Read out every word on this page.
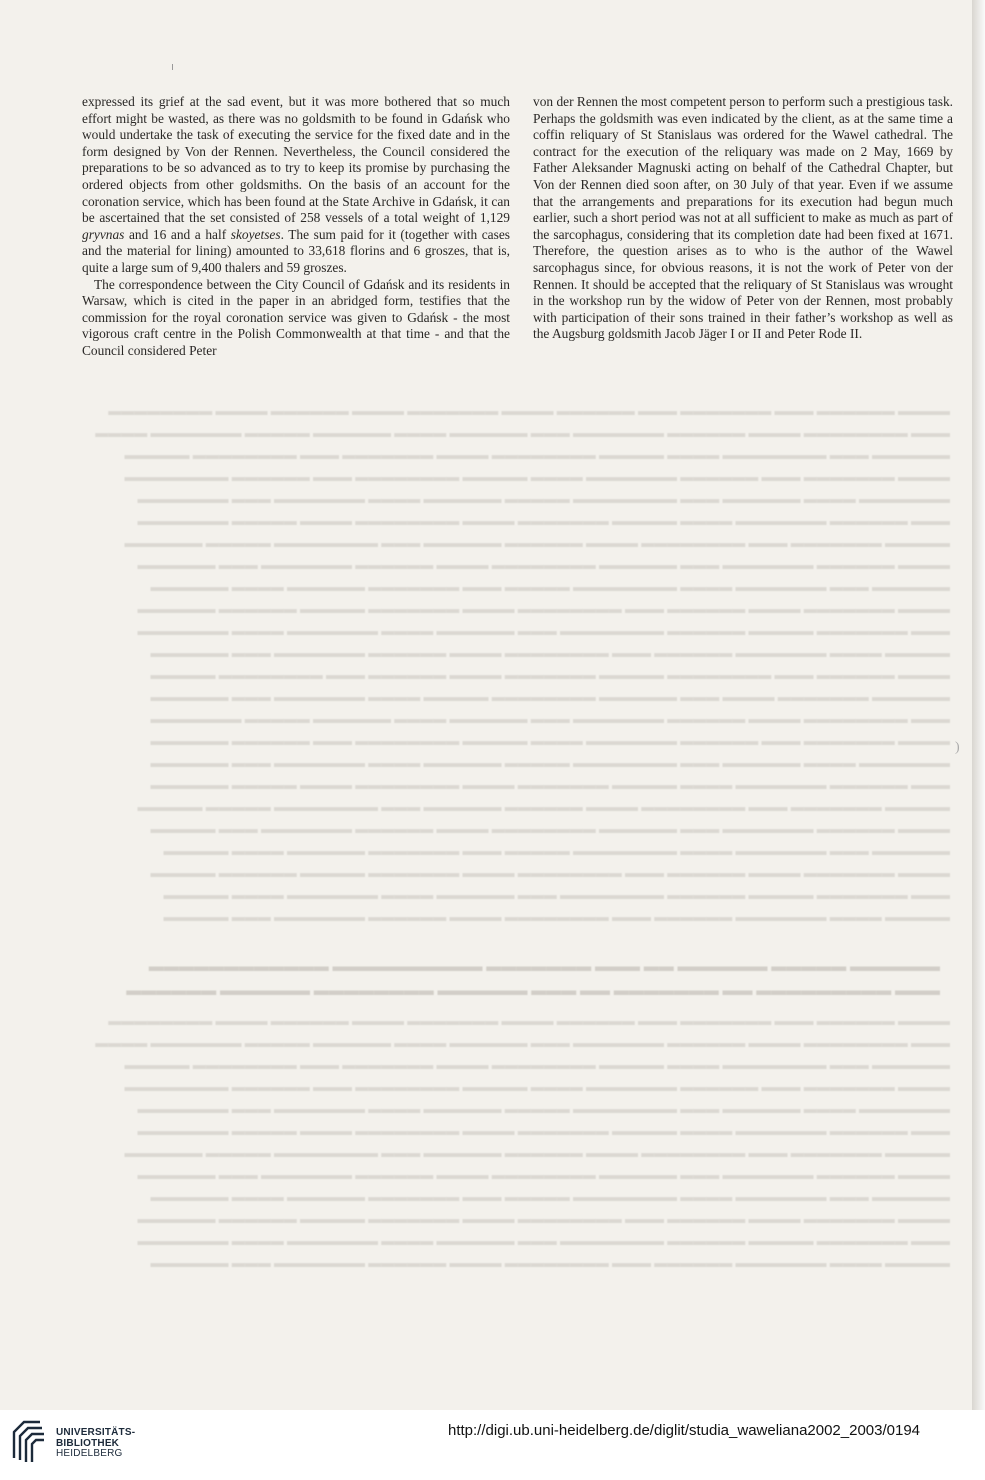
▬▬▬▬ ▬▬▬▬▬▬ ▬▬▬ ▬▬▬▬▬▬▬ ▬▬▬ ▬▬▬▬▬▬ ▬▬▬▬ ▬▬▬▬▬▬▬ ▬▬▬▬ ▬▬▬▬▬▬ ▬▬▬▬ ▬▬▬▬▬▬▬▬
▬▬▬ ▬▬▬▬▬▬▬▬ ▬▬▬▬ ▬▬▬▬▬▬ ▬▬▬▬▬▬▬ ▬▬▬ ▬▬▬▬▬▬ ▬▬▬▬ ▬▬▬▬▬▬ ▬▬▬▬▬ ▬▬▬▬▬▬▬ ▬▬▬▬
▬▬▬▬▬▬ ▬▬▬ ▬▬▬▬▬▬▬▬ ▬▬▬▬ ▬▬▬▬▬ ▬▬▬▬▬▬▬▬ ▬▬▬▬ ▬▬▬▬▬▬▬ ▬▬▬ ▬▬▬▬▬▬▬▬ ▬▬▬▬▬
▬▬▬▬ ▬▬▬▬▬▬▬ ▬▬▬ ▬▬▬▬▬▬ ▬▬▬▬▬▬▬ ▬▬▬▬ ▬▬▬▬▬ ▬▬▬▬▬▬▬▬ ▬▬▬ ▬▬▬▬▬▬ ▬▬▬▬▬▬▬▬
▬▬▬▬▬▬▬ ▬▬▬▬ ▬▬▬▬▬▬ ▬▬▬ ▬▬▬▬▬▬▬▬ ▬▬▬▬▬ ▬▬▬▬▬▬ ▬▬▬▬ ▬▬▬▬▬▬▬ ▬▬▬ ▬▬▬▬▬▬▬
▬▬▬ ▬▬▬▬▬▬ ▬▬▬▬▬▬▬ ▬▬▬▬ ▬▬▬▬▬ ▬▬▬▬▬▬▬ ▬▬▬▬ ▬▬▬▬▬▬▬▬ ▬▬▬▬ ▬▬▬▬▬ ▬▬▬▬▬▬▬
▬▬▬▬▬ ▬▬▬▬▬▬▬ ▬▬▬ ▬▬▬▬▬▬▬▬ ▬▬▬▬ ▬▬▬▬▬▬ ▬▬▬▬▬▬ ▬▬▬ ▬▬▬▬▬▬▬▬ ▬▬▬▬▬ ▬▬▬▬▬▬
▬▬▬▬ ▬▬▬▬▬▬ ▬▬▬▬▬▬▬ ▬▬▬ ▬▬▬▬▬▬ ▬▬▬▬▬▬▬▬ ▬▬▬▬ ▬▬▬▬▬▬ ▬▬▬▬▬▬▬ ▬▬▬ ▬▬▬▬▬▬
▬▬▬▬▬▬ ▬▬▬ ▬▬▬▬▬▬▬ ▬▬▬▬ ▬▬▬▬▬▬▬▬ ▬▬▬▬▬ ▬▬▬ ▬▬▬▬▬▬▬ ▬▬▬▬▬▬ ▬▬▬▬ ▬▬▬▬▬▬
▬▬▬▬ ▬▬▬▬▬▬▬ ▬▬▬▬ ▬▬▬▬▬▬ ▬▬▬ ▬▬▬▬▬▬▬▬ ▬▬▬▬ ▬▬▬▬▬▬▬ ▬▬▬▬▬ ▬▬▬▬▬▬ ▬▬▬▬▬▬
▬▬▬ ▬▬▬▬▬▬▬ ▬▬▬▬▬ ▬▬▬▬▬▬ ▬▬▬▬▬▬▬▬ ▬▬▬ ▬▬▬▬▬▬ ▬▬▬▬ ▬▬▬▬▬▬▬ ▬▬▬▬ ▬▬▬▬▬▬▬
▬▬▬▬▬ ▬▬▬▬ ▬▬▬▬▬▬▬ ▬▬▬▬▬▬ ▬▬▬ ▬▬▬▬▬▬▬▬ ▬▬▬▬ ▬▬▬▬▬▬ ▬▬▬▬▬▬▬ ▬▬▬ ▬▬▬▬▬▬
▬▬▬▬ ▬▬▬▬▬▬ ▬▬▬ ▬▬▬▬▬▬▬▬ ▬▬▬▬▬ ▬▬▬▬▬▬▬ ▬▬▬▬ ▬▬▬▬▬▬ ▬▬▬ ▬▬▬▬▬▬▬▬ ▬▬▬▬▬
▬▬▬▬▬▬ ▬▬▬▬▬▬▬ ▬▬▬▬ ▬▬▬ ▬▬▬▬▬▬ ▬▬▬▬▬▬▬▬ ▬▬▬▬▬ ▬▬▬▬ ▬▬▬▬▬▬▬ ▬▬▬ ▬▬▬▬▬▬
▬▬▬ ▬▬▬▬▬▬▬▬ ▬▬▬▬ ▬▬▬▬▬▬ ▬▬▬▬▬▬▬ ▬▬▬ ▬▬▬▬▬▬ ▬▬▬▬ ▬▬▬▬▬▬ ▬▬▬▬▬ ▬▬▬▬▬▬▬
▬▬▬▬ ▬▬▬▬▬▬▬ ▬▬▬ ▬▬▬▬▬▬ ▬▬▬▬▬▬▬ ▬▬▬▬ ▬▬▬▬▬ ▬▬▬▬▬▬▬▬ ▬▬▬ ▬▬▬▬▬▬ ▬▬▬▬▬▬
▬▬▬▬▬▬▬ ▬▬▬▬ ▬▬▬▬▬▬ ▬▬▬ ▬▬▬▬▬▬▬▬ ▬▬▬▬▬ ▬▬▬▬▬▬ ▬▬▬▬ ▬▬▬▬▬▬▬ ▬▬▬ ▬▬▬▬▬▬
▬▬▬ ▬▬▬▬▬▬ ▬▬▬▬▬▬▬ ▬▬▬▬ ▬▬▬▬▬ ▬▬▬▬▬▬▬ ▬▬▬▬ ▬▬▬▬▬▬▬▬ ▬▬▬▬ ▬▬▬▬▬ ▬▬▬▬▬▬
▬▬▬▬▬ ▬▬▬▬▬▬▬ ▬▬▬ ▬▬▬▬▬▬▬▬ ▬▬▬▬ ▬▬▬▬▬▬ ▬▬▬▬▬▬ ▬▬▬ ▬▬▬▬▬▬▬▬ ▬▬▬▬▬ ▬▬▬▬▬
▬▬▬▬ ▬▬▬▬▬▬ ▬▬▬▬▬▬▬ ▬▬▬ ▬▬▬▬▬▬ ▬▬▬▬▬▬▬▬ ▬▬▬▬ ▬▬▬▬▬▬ ▬▬▬▬▬▬▬ ▬▬▬ ▬▬▬▬▬
▬▬▬▬▬▬ ▬▬▬ ▬▬▬▬▬▬▬ ▬▬▬▬ ▬▬▬▬▬▬▬▬ ▬▬▬▬▬ ▬▬▬ ▬▬▬▬▬▬▬ ▬▬▬▬▬▬ ▬▬▬▬ ▬▬▬▬▬
▬▬▬▬ ▬▬▬▬▬▬▬ ▬▬▬▬ ▬▬▬▬▬▬ ▬▬▬ ▬▬▬▬▬▬▬▬ ▬▬▬▬ ▬▬▬▬▬▬▬ ▬▬▬▬▬ ▬▬▬▬▬▬ ▬▬▬▬▬
▬▬▬ ▬▬▬▬▬▬▬ ▬▬▬▬▬ ▬▬▬▬▬▬ ▬▬▬▬▬▬▬▬ ▬▬▬ ▬▬▬▬▬▬ ▬▬▬▬ ▬▬▬▬▬▬▬ ▬▬▬▬ ▬▬▬▬▬
▬▬▬▬▬ ▬▬▬▬ ▬▬▬▬▬▬▬ ▬▬▬▬▬▬ ▬▬▬ ▬▬▬▬▬▬▬▬ ▬▬▬▬ ▬▬▬▬▬▬ ▬▬▬▬▬▬▬ ▬▬▬ ▬▬▬▬▬
▬▬▬▬▬▬ ▬▬▬▬▬ ▬▬▬▬▬▬ ▬▬ ▬▬▬ ▬▬▬▬▬▬▬ ▬▬▬▬▬▬▬▬▬▬ ▬▬▬▬▬▬▬▬▬▬▬▬
▬▬▬ ▬▬▬▬▬▬▬▬▬ ▬▬ ▬▬▬▬▬▬▬ ▬▬ ▬▬▬ ▬▬▬▬▬▬ ▬▬▬▬▬▬▬▬ ▬▬▬▬▬▬ ▬▬▬▬▬▬
▬▬▬▬ ▬▬▬▬▬▬ ▬▬▬ ▬▬▬▬▬▬▬ ▬▬▬ ▬▬▬▬▬▬ ▬▬▬▬ ▬▬▬▬▬▬▬ ▬▬▬▬ ▬▬▬▬▬▬ ▬▬▬▬ ▬▬▬▬▬▬▬▬
▬▬▬ ▬▬▬▬▬▬▬▬ ▬▬▬▬ ▬▬▬▬▬▬ ▬▬▬▬▬▬▬ ▬▬▬ ▬▬▬▬▬▬ ▬▬▬▬ ▬▬▬▬▬▬ ▬▬▬▬▬ ▬▬▬▬▬▬▬ ▬▬▬▬
▬▬▬▬▬▬ ▬▬▬ ▬▬▬▬▬▬▬▬ ▬▬▬▬ ▬▬▬▬▬ ▬▬▬▬▬▬▬▬ ▬▬▬▬ ▬▬▬▬▬▬▬ ▬▬▬ ▬▬▬▬▬▬▬▬ ▬▬▬▬▬
▬▬▬▬ ▬▬▬▬▬▬▬ ▬▬▬ ▬▬▬▬▬▬ ▬▬▬▬▬▬▬ ▬▬▬▬ ▬▬▬▬▬ ▬▬▬▬▬▬▬▬ ▬▬▬ ▬▬▬▬▬▬ ▬▬▬▬▬▬▬▬
▬▬▬▬▬▬▬ ▬▬▬▬ ▬▬▬▬▬▬ ▬▬▬ ▬▬▬▬▬▬▬▬ ▬▬▬▬▬ ▬▬▬▬▬▬ ▬▬▬▬ ▬▬▬▬▬▬▬ ▬▬▬ ▬▬▬▬▬▬▬
▬▬▬ ▬▬▬▬▬▬ ▬▬▬▬▬▬▬ ▬▬▬▬ ▬▬▬▬▬ ▬▬▬▬▬▬▬ ▬▬▬▬ ▬▬▬▬▬▬▬▬ ▬▬▬▬ ▬▬▬▬▬ ▬▬▬▬▬▬▬
▬▬▬▬▬ ▬▬▬▬▬▬▬ ▬▬▬ ▬▬▬▬▬▬▬▬ ▬▬▬▬ ▬▬▬▬▬▬ ▬▬▬▬▬▬ ▬▬▬ ▬▬▬▬▬▬▬▬ ▬▬▬▬▬ ▬▬▬▬▬▬
▬▬▬▬ ▬▬▬▬▬▬ ▬▬▬▬▬▬▬ ▬▬▬ ▬▬▬▬▬▬ ▬▬▬▬▬▬▬▬ ▬▬▬▬ ▬▬▬▬▬▬ ▬▬▬▬▬▬▬ ▬▬▬ ▬▬▬▬▬▬
▬▬▬▬▬▬ ▬▬▬ ▬▬▬▬▬▬▬ ▬▬▬▬ ▬▬▬▬▬▬▬▬ ▬▬▬▬▬ ▬▬▬ ▬▬▬▬▬▬▬ ▬▬▬▬▬▬ ▬▬▬▬ ▬▬▬▬▬▬
▬▬▬▬ ▬▬▬▬▬▬▬ ▬▬▬▬ ▬▬▬▬▬▬ ▬▬▬ ▬▬▬▬▬▬▬▬ ▬▬▬▬ ▬▬▬▬▬▬▬ ▬▬▬▬▬ ▬▬▬▬▬▬ ▬▬▬▬▬▬
▬▬▬ ▬▬▬▬▬▬▬ ▬▬▬▬▬ ▬▬▬▬▬▬ ▬▬▬▬▬▬▬▬ ▬▬▬ ▬▬▬▬▬▬ ▬▬▬▬ ▬▬▬▬▬▬▬ ▬▬▬▬ ▬▬▬▬▬▬▬
▬▬▬▬▬ ▬▬▬▬ ▬▬▬▬▬▬▬ ▬▬▬▬▬▬ ▬▬▬ ▬▬▬▬▬▬▬▬ ▬▬▬▬ ▬▬▬▬▬▬ ▬▬▬▬▬▬▬ ▬▬▬ ▬▬▬▬▬▬
)

expressed its grief at the sad event, but it was more bothered that so much effort might be wasted, as there was no goldsmith to be found in Gdańsk who would undertake the task of executing the service for the fixed date and in the form designed by Von der Rennen. Nevertheless, the Council considered the preparations to be so advanced as to try to keep its promise by purchasing the ordered objects from other goldsmiths. On the basis of an account for the coronation service, which has been found at the State Archive in Gdańsk, it can be ascertained that the set consisted of 258 vessels of a total weight of 1,129 gryvnas and 16 and a half skoyetses. The sum paid for it (together with cases and the material for lining) amounted to 33,618 florins and 6 groszes, that is, quite a large sum of 9,400 thalers and 59 groszes.

The correspondence between the City Council of Gdańsk and its residents in Warsaw, which is cited in the paper in an abridged form, testifies that the commission for the royal coronation service was given to Gdańsk - the most vigorous craft centre in the Polish Commonwealth at that time - and that the Council considered Peter

von der Rennen the most competent person to perform such a prestigious task. Perhaps the goldsmith was even indicated by the client, as at the same time a coffin reliquary of St Stanislaus was ordered for the Wawel cathedral. The contract for the execution of the reliquary was made on 2 May, 1669 by Father Aleksander Magnuski acting on behalf of the Cathedral Chapter, but Von der Rennen died soon after, on 30 July of that year. Even if we assume that the arrangements and preparations for its execution had begun much earlier, such a short period was not at all sufficient to make as much as part of the sarcophagus, considering that its completion date had been fixed at 1671. Therefore, the question arises as to who is the author of the Wawel sarcophagus since, for obvious reasons, it is not the work of Peter von der Rennen. It should be accepted that the reliquary of St Stanislaus was wrought in the workshop run by the widow of Peter von der Rennen, most probably with participation of their sons trained in their father’s workshop as well as the Augsburg goldsmith Jacob Jäger I or II and Peter Rode II.

UNIVERSITÄTS-
BIBLIOTHEK
HEIDELBERG
http://digi.ub.uni-heidelberg.de/diglit/studia_waweliana2002_2003/0194
